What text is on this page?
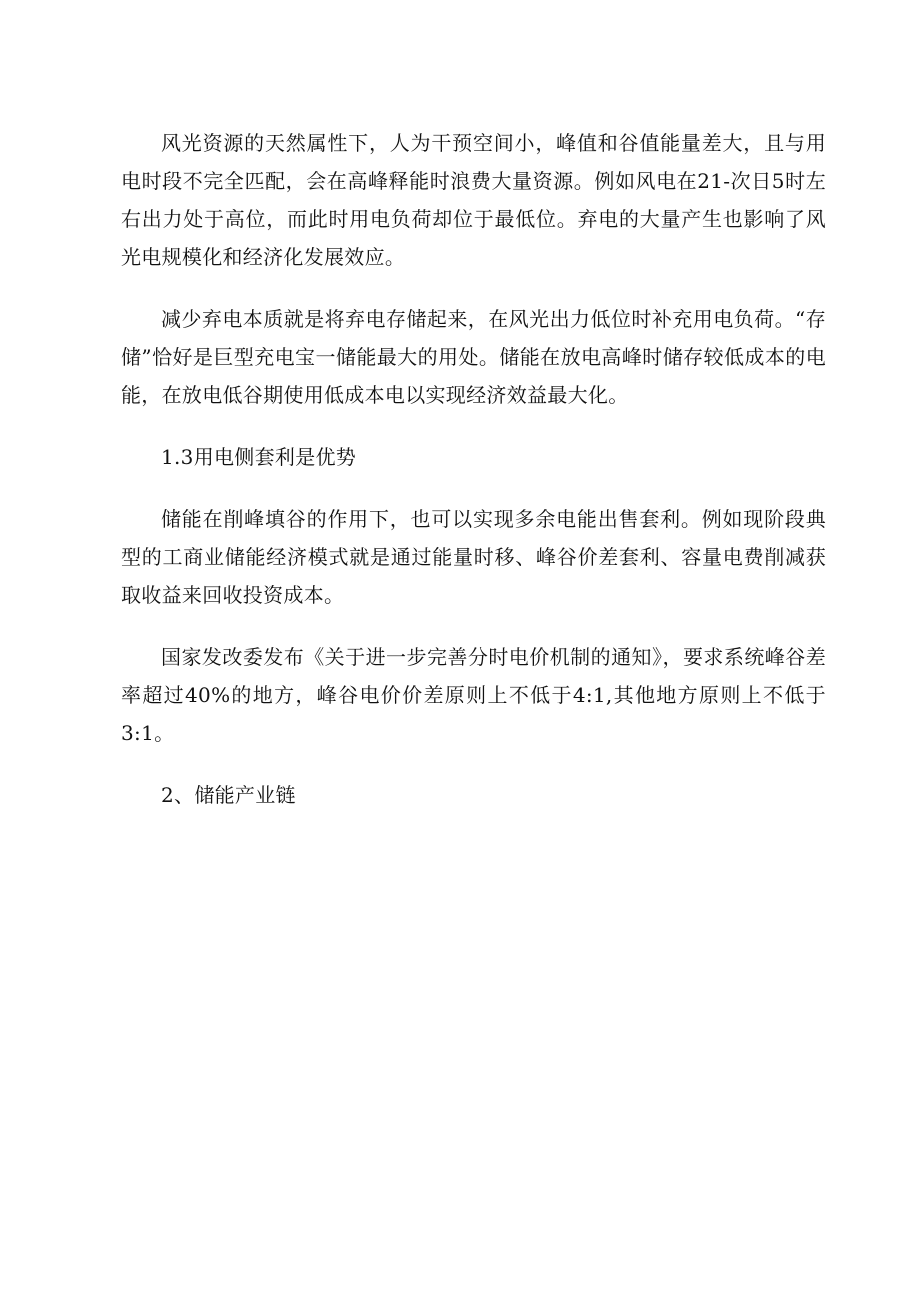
风光资源的天然属性下，人为干预空间小，峰值和谷值能量差大，且与用电时段不完全匹配，会在高峰释能时浪费大量资源。例如风电在21-次日5时左右出力处于高位，而此时用电负荷却位于最低位。弃电的大量产生也影响了风光电规模化和经济化发展效应。

减少弃电本质就是将弃电存储起来，在风光出力低位时补充用电负荷。“存储”恰好是巨型充电宝一储能最大的用处。储能在放电高峰时储存较低成本的电能，在放电低谷期使用低成本电以实现经济效益最大化。

1.3用电侧套利是优势

储能在削峰填谷的作用下，也可以实现多余电能出售套利。例如现阶段典型的工商业储能经济模式就是通过能量时移、峰谷价差套利、容量电费削减获取收益来回收投资成本。

国家发改委发布《关于进一步完善分时电价机制的通知》，要求系统峰谷差率超过40%的地方，峰谷电价价差原则上不低于4:1,其他地方原则上不低于3:1。

2、储能产业链
